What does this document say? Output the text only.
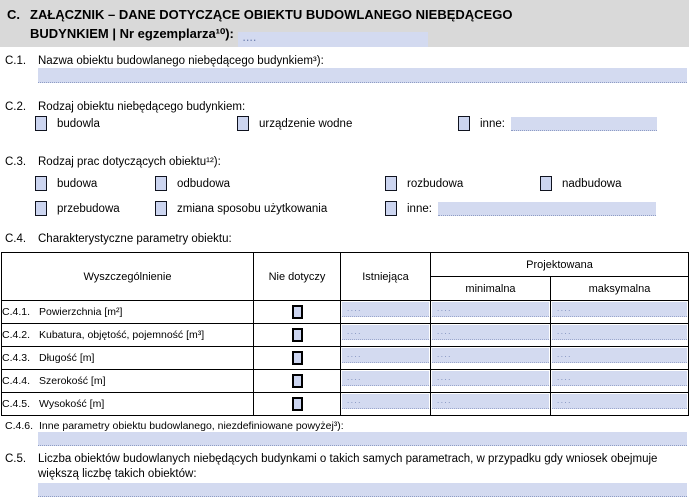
C. ZAŁĄCZNIK – DANE DOTYCZĄCE OBIEKTU BUDOWLANEGO NIEBĘDĄCEGO
BUDYNKIEM | Nr egzemplarza¹⁰): ....
C.1.	Nazwa obiektu budowlanego niebędącego budynkiem³):
C.2.	Rodzaj obiektu niebędącego budynkiem:
budowla	urządzenie wodne	inne:
C.3.	Rodzaj prac dotyczących obiektu¹²):
budowa	odbudowa	rozbudowa	nadbudowa
przebudowa	zmiana sposobu użytkowania	inne:
C.4.	Charakterystyczne parametry obiektu:
Wyszczególnienie	Nie dotyczy	Istniejąca	Projektowana	
			minimalna	maksymalna
C.4.1. Powierzchnia [m²]		....	....	....

C.4.2. Kubatura, objętość, pojemność [m³]		....	....	....

C.4.3. Długość [m]		....	....	....

C.4.4. Szerokość [m]		....	....	....

C.4.5. Wysokość [m]		....	....	....
C.4.6. Inne parametry obiektu budowlanego, niezdefiniowane powyżej³):
C.5.	Liczba obiektów budowlanych niebędących budynkami o takich samych parametrach, w przypadku gdy wniosek obejmuje większą liczbę takich obiektów:
